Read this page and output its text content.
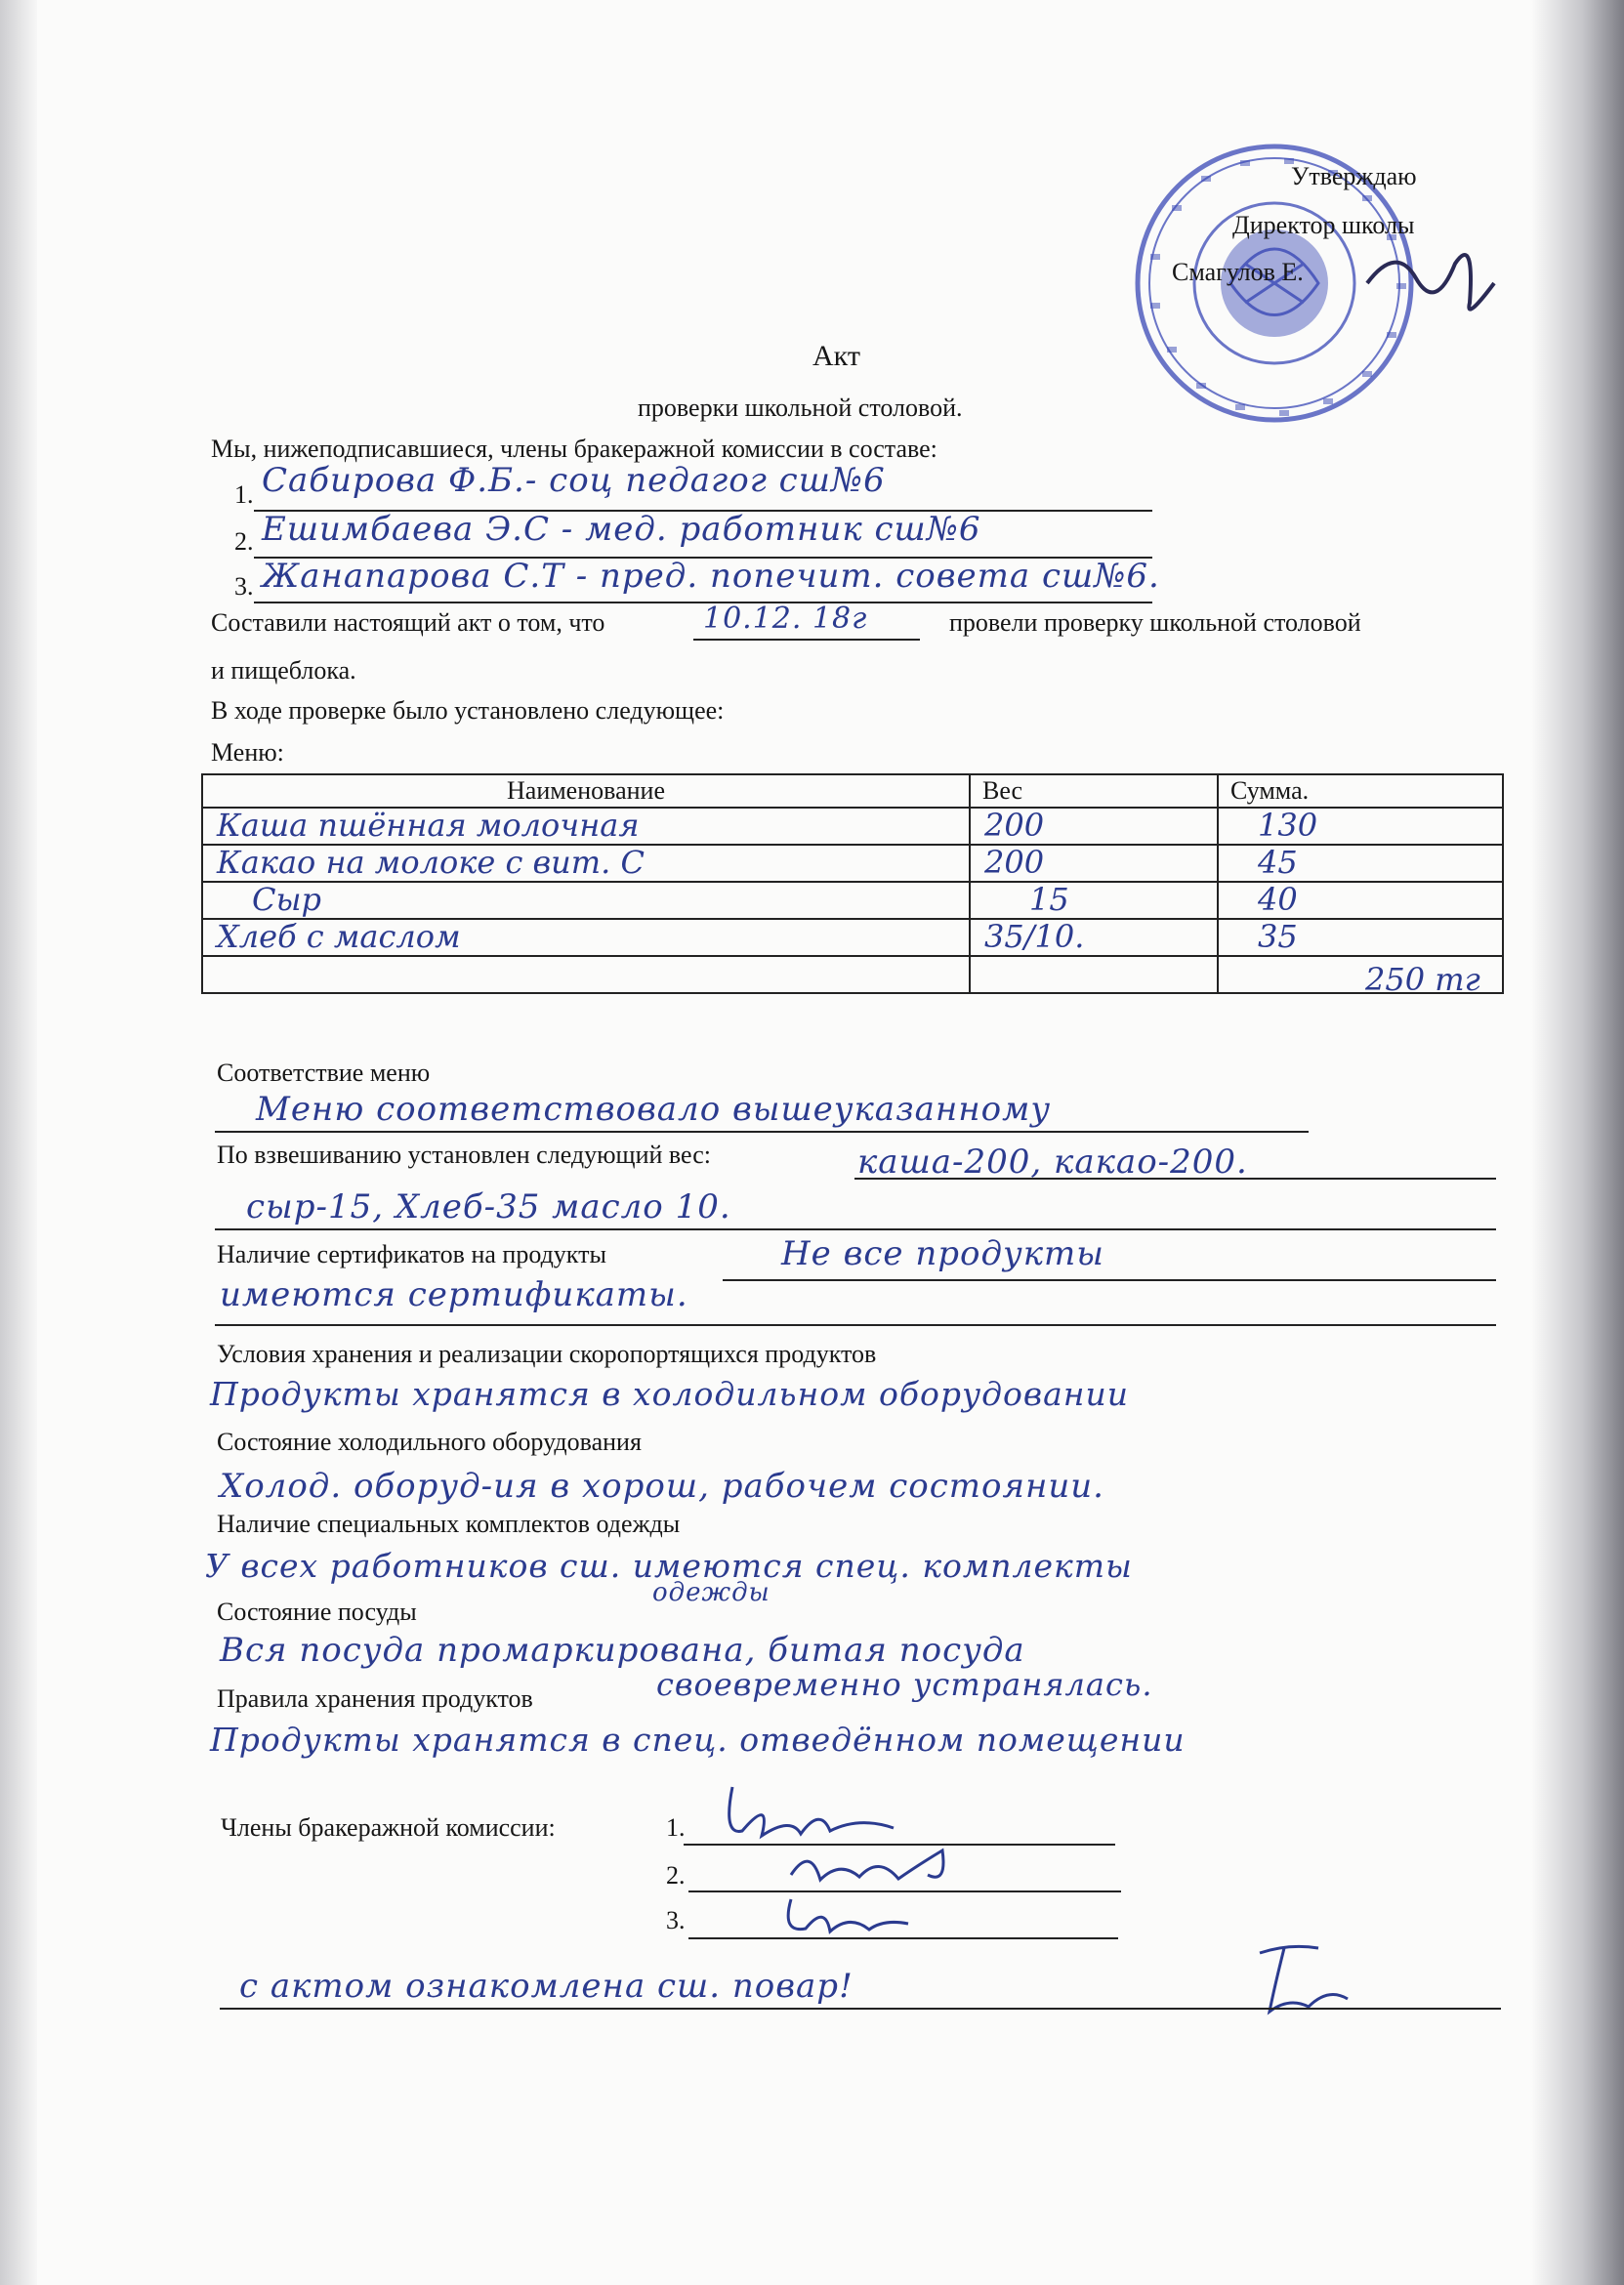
Утверждаю
Директор школы
Смагулов Е.
Акт
проверки школьной столовой.
Мы, нижеподписавшиеся, члены бракеражной комиссии в составе:
1. Сабирова Ф.Б.- соц педагог сш№6
2. Ешимбаева Э.С - мед. работник сш№6
3. Жанапарова С.Т - пред. попечит. совета сш№6.
Составили настоящий акт о том, что	10.12. 18г	провели проверку школьной столовой
и пищеблока.
В ходе проверке было установлено следующее:
Меню:
Наименование	Вес	Сумма.

Каша пшённая молочная	200	130

Какао на молоке с вит. С	200	45

Сыр	15	40

Хлеб с маслом	35/10.	35

		250 тг
Соответствие меню
Меню соответствовало вышеуказанному
По взвешиванию установлен следующий вес:	каша-200, какао-200.
сыр-15, Хлеб-35 масло 10.
Наличие сертификатов на продукты	Не все продукты
имеются сертификаты.
Условия хранения и реализации скоропортящихся продуктов
Продукты хранятся в холодильном оборудовании
Состояние холодильного оборудования
Холод. оборуд-ия в хорош, рабочем состоянии.
Наличие специальных комплектов одежды
У всех работников сш. имеются спец. комплекты
одежды
Состояние посуды
Вся посуда промаркирована, битая посуда
своевременно устранялась.
Правила хранения продуктов
Продукты хранятся в спец. отведённом помещении
Члены бракеражной комиссии:	1.
2.
3.
с актом ознакомлена сш. повар!
